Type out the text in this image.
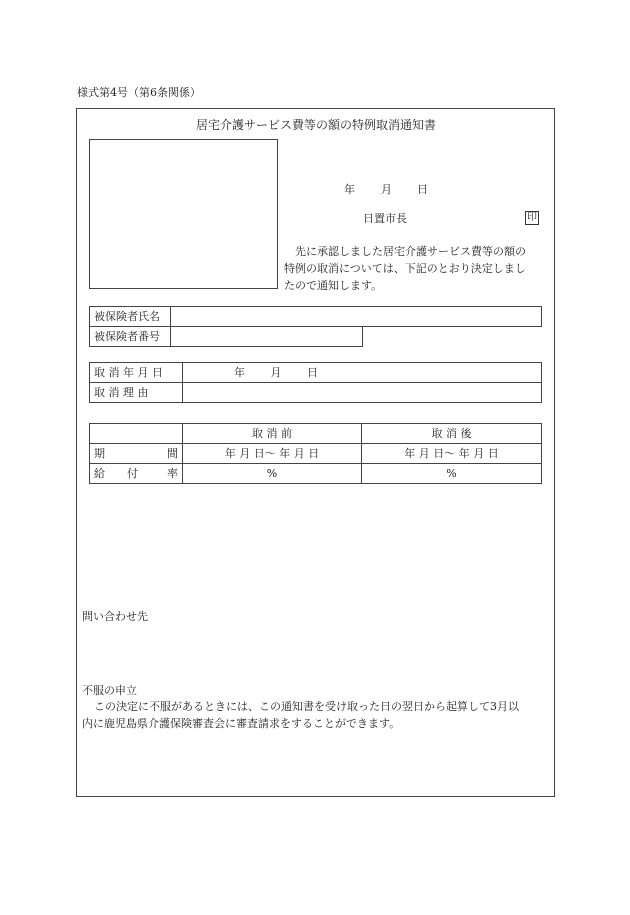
様式第4号（第6条関係）
居宅介護サービス費等の額の特例取消通知書
年 月 日
日置市長	印
先に承認しました居宅介護サービス費等の額の
特例の取消については、下記のとおり決定しまし
たので通知します。
被保険者氏名	
被保険者番号	
取 消 年 月 日	年 月 日
取 消 理 由	
	取 消 前	取 消 後
期 間	年 月 日〜 年 月 日	年 月 日〜 年 月 日
給 付 率	%	%
問い合わせ先
不服の申立
この決定に不服があるときには、この通知書を受け取った日の翌日から起算して3月以
内に鹿児島県介護保険審査会に審査請求をすることができます。
